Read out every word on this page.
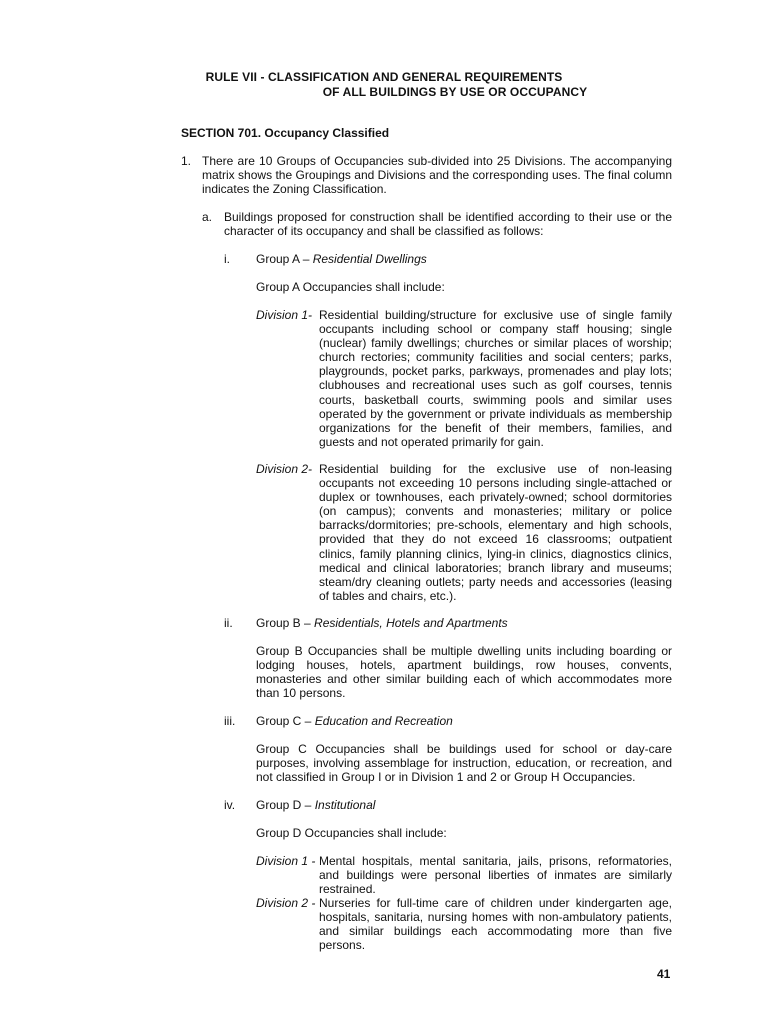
RULE VII - CLASSIFICATION AND GENERAL REQUIREMENTS
OF ALL BUILDINGS BY USE OR OCCUPANCY
SECTION 701. Occupancy Classified
1. There are 10 Groups of Occupancies sub-divided into 25 Divisions. The accompanying matrix shows the Groupings and Divisions and the corresponding uses. The final column indicates the Zoning Classification.
a. Buildings proposed for construction shall be identified according to their use or the character of its occupancy and shall be classified as follows:
i. Group A – Residential Dwellings
Group A Occupancies shall include:
Division 1- Residential building/structure for exclusive use of single family occupants including school or company staff housing; single (nuclear) family dwellings; churches or similar places of worship; church rectories; community facilities and social centers; parks, playgrounds, pocket parks, parkways, promenades and play lots; clubhouses and recreational uses such as golf courses, tennis courts, basketball courts, swimming pools and similar uses operated by the government or private individuals as membership organizations for the benefit of their members, families, and guests and not operated primarily for gain.
Division 2- Residential building for the exclusive use of non-leasing occupants not exceeding 10 persons including single-attached or duplex or townhouses, each privately-owned; school dormitories (on campus); convents and monasteries; military or police barracks/dormitories; pre-schools, elementary and high schools, provided that they do not exceed 16 classrooms; outpatient clinics, family planning clinics, lying-in clinics, diagnostics clinics, medical and clinical laboratories; branch library and museums; steam/dry cleaning outlets; party needs and accessories (leasing of tables and chairs, etc.).
ii. Group B – Residentials, Hotels and Apartments
Group B Occupancies shall be multiple dwelling units including boarding or lodging houses, hotels, apartment buildings, row houses, convents, monasteries and other similar building each of which accommodates more than 10 persons.
iii. Group C – Education and Recreation
Group C Occupancies shall be buildings used for school or day-care purposes, involving assemblage for instruction, education, or recreation, and not classified in Group I or in Division 1 and 2 or Group H Occupancies.
iv. Group D – Institutional
Group D Occupancies shall include:
Division 1 - Mental hospitals, mental sanitaria, jails, prisons, reformatories, and buildings were personal liberties of inmates are similarly restrained.
Division 2 - Nurseries for full-time care of children under kindergarten age, hospitals, sanitaria, nursing homes with non-ambulatory patients, and similar buildings each accommodating more than five persons.
41
